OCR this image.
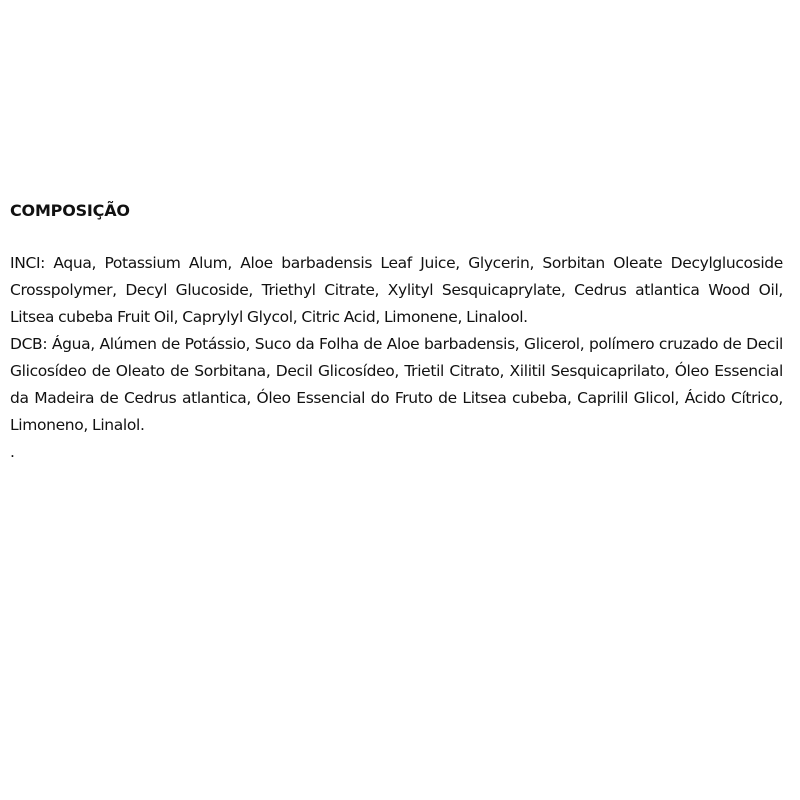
COMPOSIÇÃO

INCI: Aqua, Potassium Alum, Aloe barbadensis Leaf Juice, Glycerin, Sorbitan Oleate Decylglucoside Crosspolymer, Decyl Glucoside, Triethyl Citrate, Xylityl Sesquicaprylate, Cedrus atlantica Wood Oil, Litsea cubeba Fruit Oil, Caprylyl Glycol, Citric Acid, Limonene, Linalool.

DCB: Água, Alúmen de Potássio, Suco da Folha de Aloe barbadensis, Glicerol, polímero cruzado de Decil Glicosídeo de Oleato de Sorbitana, Decil Glicosídeo, Trietil Citrato, Xilitil Sesquicaprilato, Óleo Essencial da Madeira de Cedrus atlantica, Óleo Essencial do Fruto de Litsea cubeba, Caprilil Glicol, Ácido Cítrico, Limoneno, Linalol.

.
